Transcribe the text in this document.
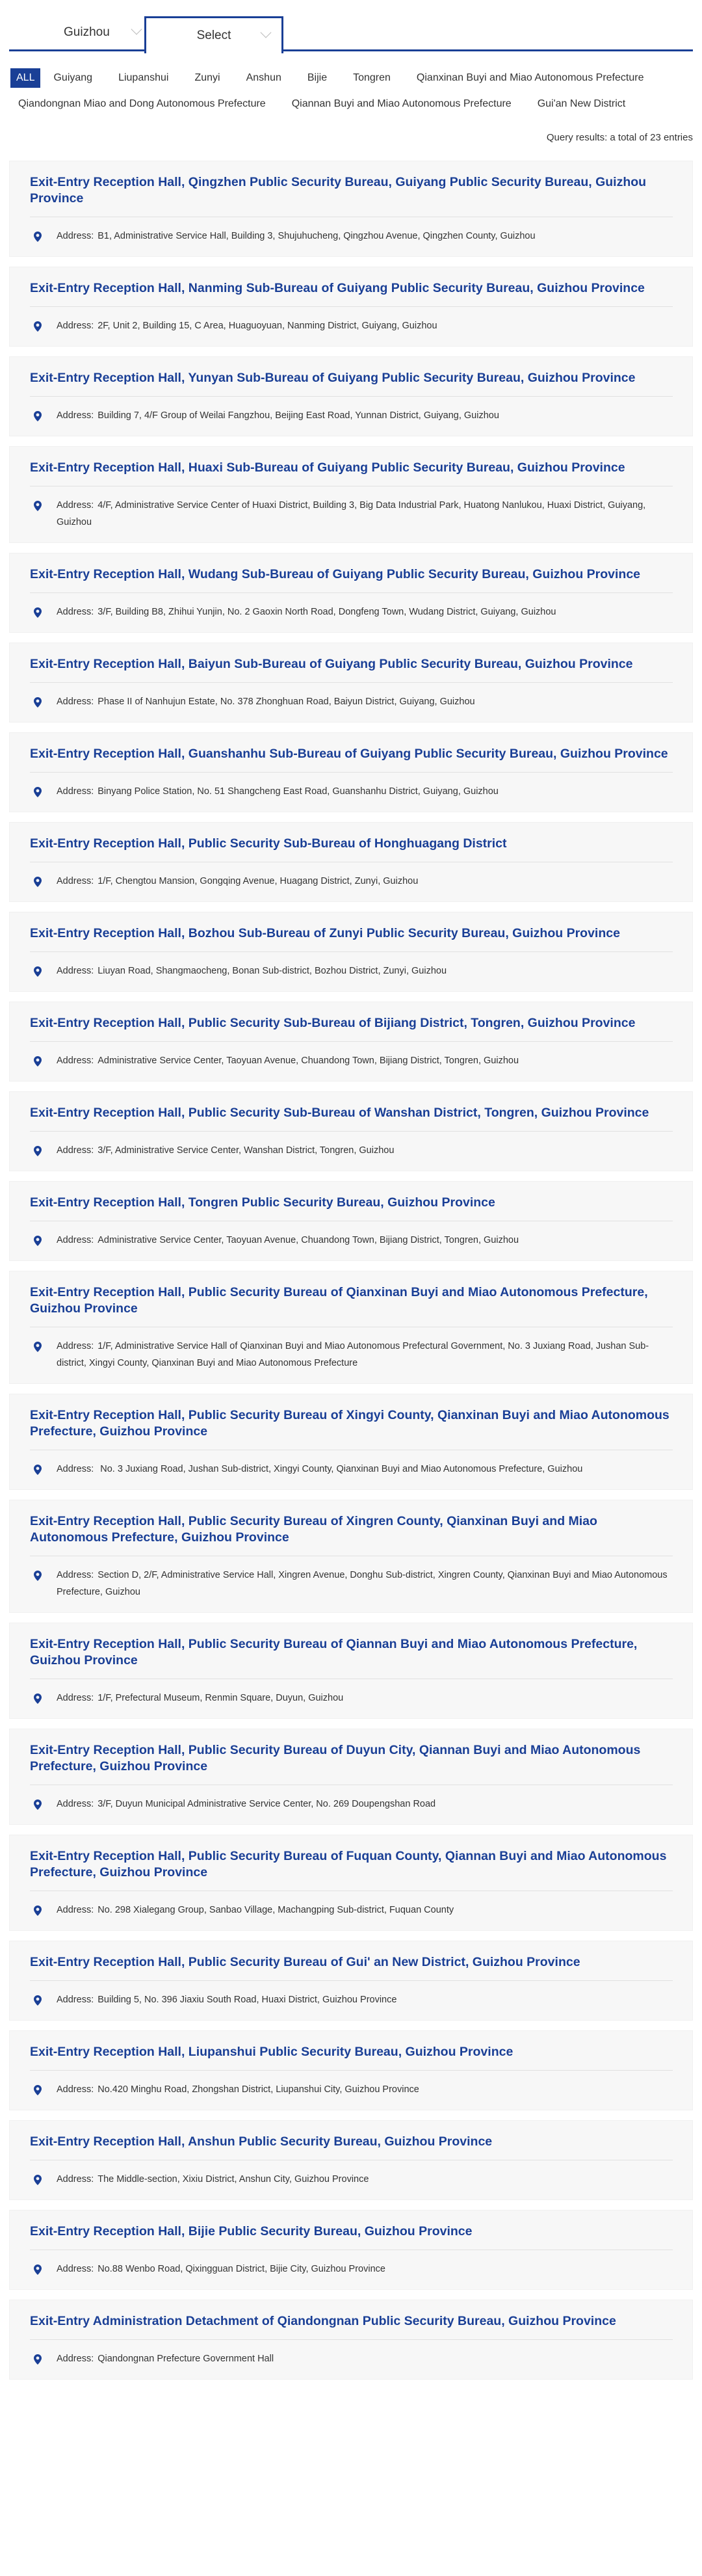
Guizhou	Select
ALL	Guiyang	Liupanshui	Zunyi	Anshun	Bijie	Tongren	Qianxinan Buyi and Miao Autonomous Prefecture
Qiandongnan Miao and Dong Autonomous Prefecture	Qiannan Buyi and Miao Autonomous Prefecture	Gui'an New District
Query results: a total of 23 entries
Exit-Entry Reception Hall, Qingzhen Public Security Bureau, Guiyang Public Security Bureau, Guizhou Province
Address: B1, Administrative Service Hall, Building 3, Shujuhucheng, Qingzhou Avenue, Qingzhen County, Guizhou
Exit-Entry Reception Hall, Nanming Sub-Bureau of Guiyang Public Security Bureau, Guizhou Province
Address: 2F, Unit 2, Building 15, C Area, Huaguoyuan, Nanming District, Guiyang, Guizhou
Exit-Entry Reception Hall, Yunyan Sub-Bureau of Guiyang Public Security Bureau, Guizhou Province
Address: Building 7, 4/F Group of Weilai Fangzhou, Beijing East Road, Yunnan District, Guiyang, Guizhou
Exit-Entry Reception Hall, Huaxi Sub-Bureau of Guiyang Public Security Bureau, Guizhou Province
Address: 4/F, Administrative Service Center of Huaxi District, Building 3, Big Data Industrial Park, Huatong Nanlukou, Huaxi District, Guiyang, Guizhou
Exit-Entry Reception Hall, Wudang Sub-Bureau of Guiyang Public Security Bureau, Guizhou Province
Address: 3/F, Building B8, Zhihui Yunjin, No. 2 Gaoxin North Road, Dongfeng Town, Wudang District, Guiyang, Guizhou
Exit-Entry Reception Hall, Baiyun Sub-Bureau of Guiyang Public Security Bureau, Guizhou Province
Address: Phase II of Nanhujun Estate, No. 378 Zhonghuan Road, Baiyun District, Guiyang, Guizhou
Exit-Entry Reception Hall, Guanshanhu Sub-Bureau of Guiyang Public Security Bureau, Guizhou Province
Address: Binyang Police Station, No. 51 Shangcheng East Road, Guanshanhu District, Guiyang, Guizhou
Exit-Entry Reception Hall, Public Security Sub-Bureau of Honghuagang District
Address: 1/F, Chengtou Mansion, Gongqing Avenue, Huagang District, Zunyi, Guizhou
Exit-Entry Reception Hall, Bozhou Sub-Bureau of Zunyi Public Security Bureau, Guizhou Province
Address: Liuyan Road, Shangmaocheng, Bonan Sub-district, Bozhou District, Zunyi, Guizhou
Exit-Entry Reception Hall, Public Security Sub-Bureau of Bijiang District, Tongren, Guizhou Province
Address: Administrative Service Center, Taoyuan Avenue, Chuandong Town, Bijiang District, Tongren, Guizhou
Exit-Entry Reception Hall, Public Security Sub-Bureau of Wanshan District, Tongren, Guizhou Province
Address: 3/F, Administrative Service Center, Wanshan District, Tongren, Guizhou
Exit-Entry Reception Hall, Tongren Public Security Bureau, Guizhou Province
Address: Administrative Service Center, Taoyuan Avenue, Chuandong Town, Bijiang District, Tongren, Guizhou
Exit-Entry Reception Hall, Public Security Bureau of Qianxinan Buyi and Miao Autonomous Prefecture, Guizhou Province
Address: 1/F, Administrative Service Hall of Qianxinan Buyi and Miao Autonomous Prefectural Government, No. 3 Juxiang Road, Jushan Sub-district, Xingyi County, Qianxinan Buyi and Miao Autonomous Prefecture
Exit-Entry Reception Hall, Public Security Bureau of Xingyi County, Qianxinan Buyi and Miao Autonomous Prefecture, Guizhou Province
Address: No. 3 Juxiang Road, Jushan Sub-district, Xingyi County, Qianxinan Buyi and Miao Autonomous Prefecture, Guizhou
Exit-Entry Reception Hall, Public Security Bureau of Xingren County, Qianxinan Buyi and Miao Autonomous Prefecture, Guizhou Province
Address: Section D, 2/F, Administrative Service Hall, Xingren Avenue, Donghu Sub-district, Xingren County, Qianxinan Buyi and Miao Autonomous Prefecture, Guizhou
Exit-Entry Reception Hall, Public Security Bureau of Qiannan Buyi and Miao Autonomous Prefecture, Guizhou Province
Address: 1/F, Prefectural Museum, Renmin Square, Duyun, Guizhou
Exit-Entry Reception Hall, Public Security Bureau of Duyun City, Qiannan Buyi and Miao Autonomous Prefecture, Guizhou Province
Address: 3/F, Duyun Municipal Administrative Service Center, No. 269 Doupengshan Road
Exit-Entry Reception Hall, Public Security Bureau of Fuquan County, Qiannan Buyi and Miao Autonomous Prefecture, Guizhou Province
Address: No. 298 Xialegang Group, Sanbao Village, Machangping Sub-district, Fuquan County
Exit-Entry Reception Hall, Public Security Bureau of Gui' an New District, Guizhou Province
Address: Building 5, No. 396 Jiaxiu South Road, Huaxi District, Guizhou Province
Exit-Entry Reception Hall, Liupanshui Public Security Bureau, Guizhou Province
Address: No.420 Minghu Road, Zhongshan District, Liupanshui City, Guizhou Province
Exit-Entry Reception Hall, Anshun Public Security Bureau, Guizhou Province
Address: The Middle-section, Xixiu District, Anshun City, Guizhou Province
Exit-Entry Reception Hall, Bijie Public Security Bureau, Guizhou Province
Address: No.88 Wenbo Road, Qixingguan District, Bijie City, Guizhou Province
Exit-Entry Administration Detachment of Qiandongnan Public Security Bureau, Guizhou Province
Address: Qiandongnan Prefecture Government Hall
